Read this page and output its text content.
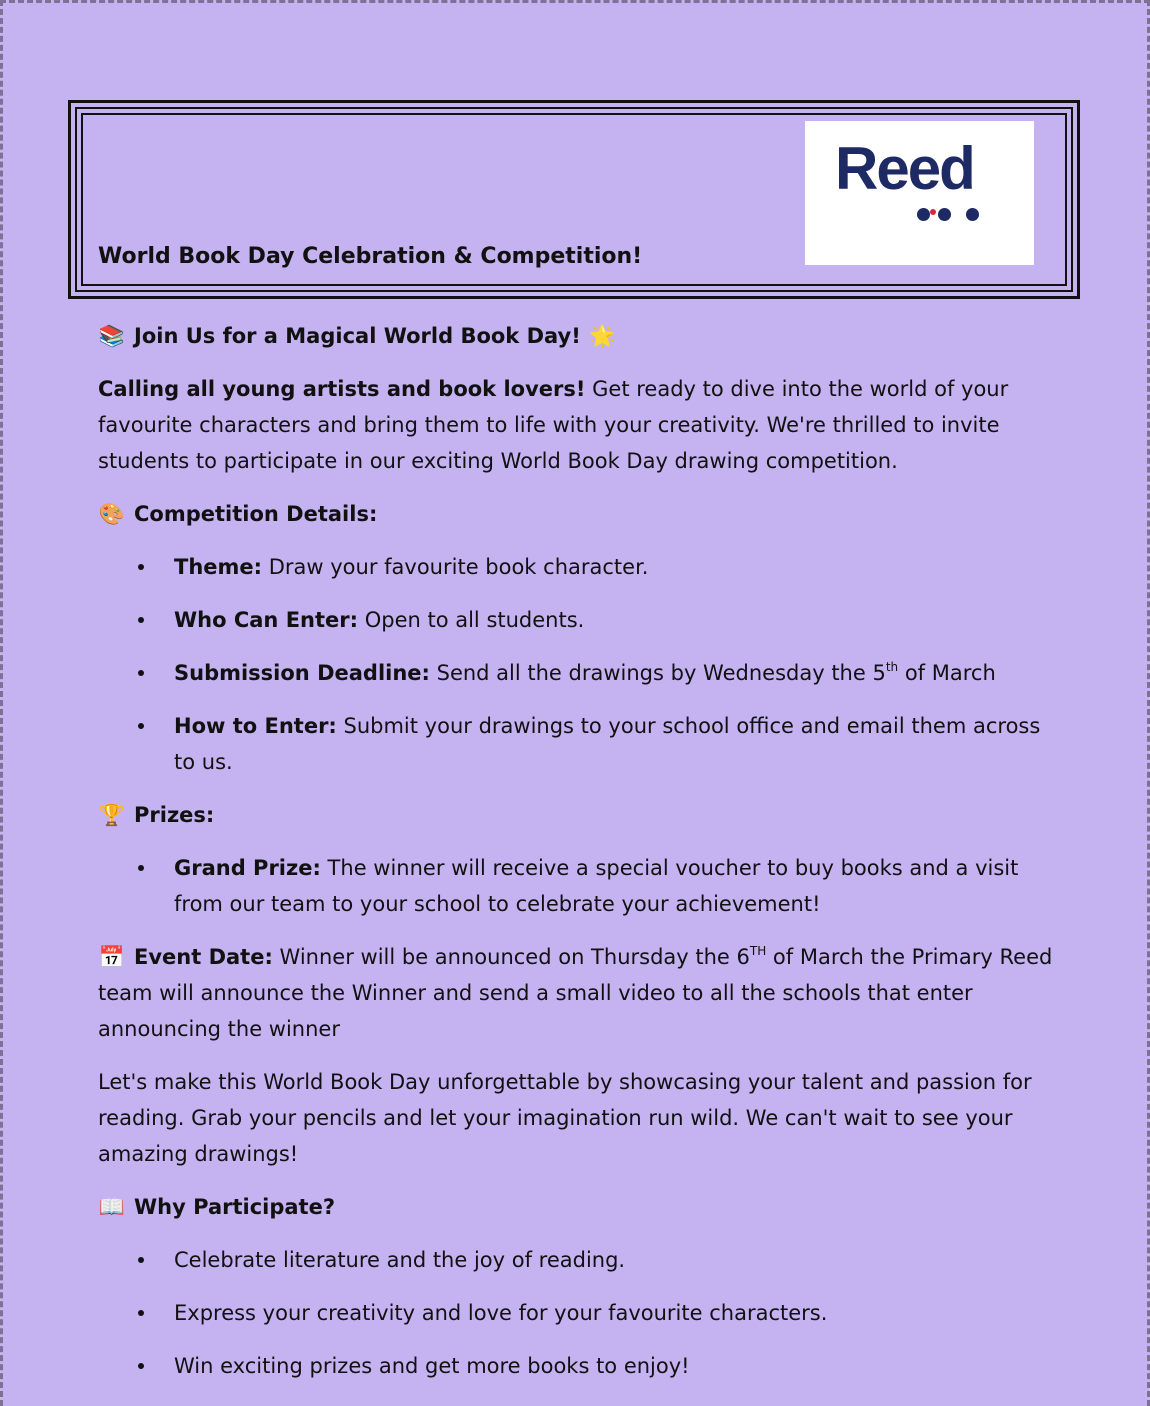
World Book Day Celebration & Competition!
Reed
📚 Join Us for a Magical World Book Day! 🌟

Calling all young artists and book lovers! Get ready to dive into the world of your favourite characters and bring them to life with your creativity. We're thrilled to invite students to participate in our exciting World Book Day drawing competition.

🎨 Competition Details:
Theme: Draw your favourite book character.
Who Can Enter: Open to all students.
Submission Deadline: Send all the drawings by Wednesday the 5th of March
How to Enter: Submit your drawings to your school office and email them across to us.
🏆 Prizes:
Grand Prize: The winner will receive a special voucher to buy books and a visit from our team to your school to celebrate your achievement!

📅 Event Date: Winner will be announced on Thursday the 6TH of March the Primary Reed team will announce the Winner and send a small video to all the schools that enter announcing the winner

Let's make this World Book Day unforgettable by showcasing your talent and passion for reading. Grab your pencils and let your imagination run wild. We can't wait to see your amazing drawings!

📖 Why Participate?
Celebrate literature and the joy of reading.
Express your creativity and love for your favourite characters.
Win exciting prizes and get more books to enjoy!
